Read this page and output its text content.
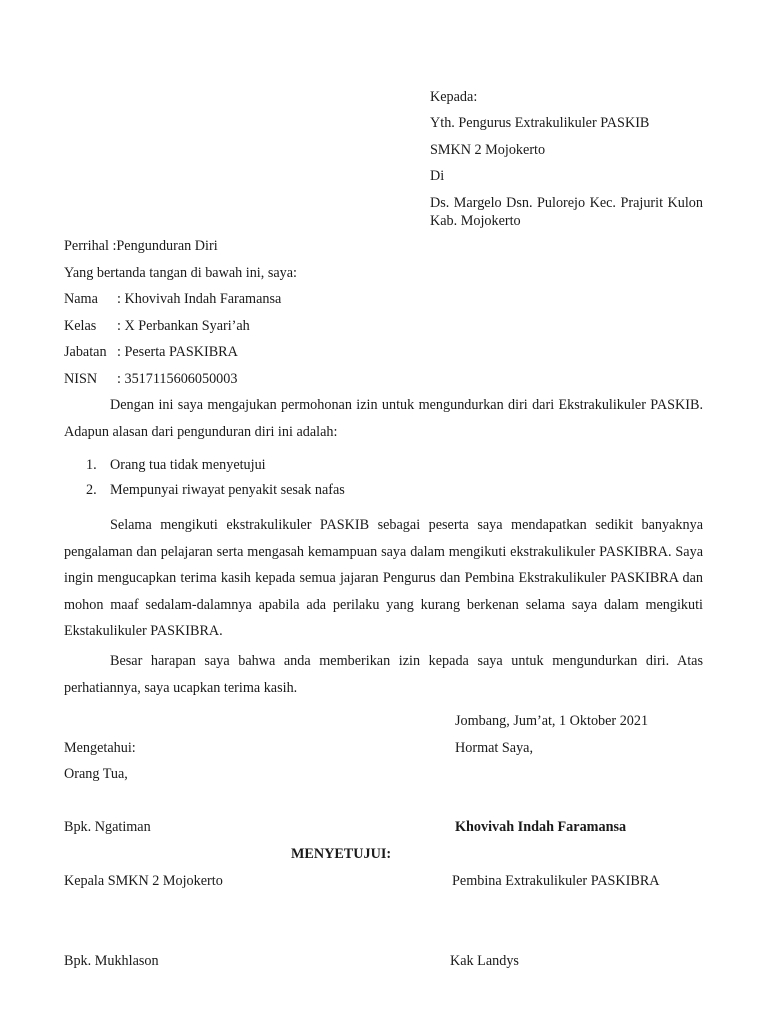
Kepada:
Yth. Pengurus Extrakulikuler PASKIB
SMKN 2 Mojokerto
Di
Ds. Margelo Dsn. Pulorejo Kec. Prajurit Kulon Kab. Mojokerto
Perrihal :Pengunduran Diri
Yang bertanda tangan di bawah ini, saya:
Nama : Khovivah Indah Faramansa
Kelas : X Perbankan Syari’ah
Jabatan : Peserta PASKIBRA
NISN : 3517115606050003

Dengan ini saya mengajukan permohonan izin untuk mengundurkan diri dari Ekstrakulikuler PASKIB. Adapun alasan dari pengunduran diri ini adalah:

1. Orang tua tidak menyetujui
2. Mempunyai riwayat penyakit sesak nafas

Selama mengikuti ekstrakulikuler PASKIB sebagai peserta saya mendapatkan sedikit banyaknya pengalaman dan pelajaran serta mengasah kemampuan saya dalam mengikuti ekstrakulikuler PASKIBRA. Saya ingin mengucapkan terima kasih kepada semua jajaran Pengurus dan Pembina Ekstrakulikuler PASKIBRA dan mohon maaf sedalam-dalamnya apabila ada perilaku yang kurang berkenan selama saya dalam mengikuti Ekstakulikuler PASKIBRA.

Besar harapan saya bahwa anda memberikan izin kepada saya untuk mengundurkan diri. Atas perhatiannya, saya ucapkan terima kasih.

Jombang, Jum’at, 1 Oktober 2021
Mengetahui:	Hormat Saya,
Orang Tua,
Bpk. Ngatiman	Khovivah Indah Faramansa
MENYETUJUI:
Kepala SMKN 2 Mojokerto	Pembina Extrakulikuler PASKIBRA
Bpk. Mukhlason	Kak Landys
